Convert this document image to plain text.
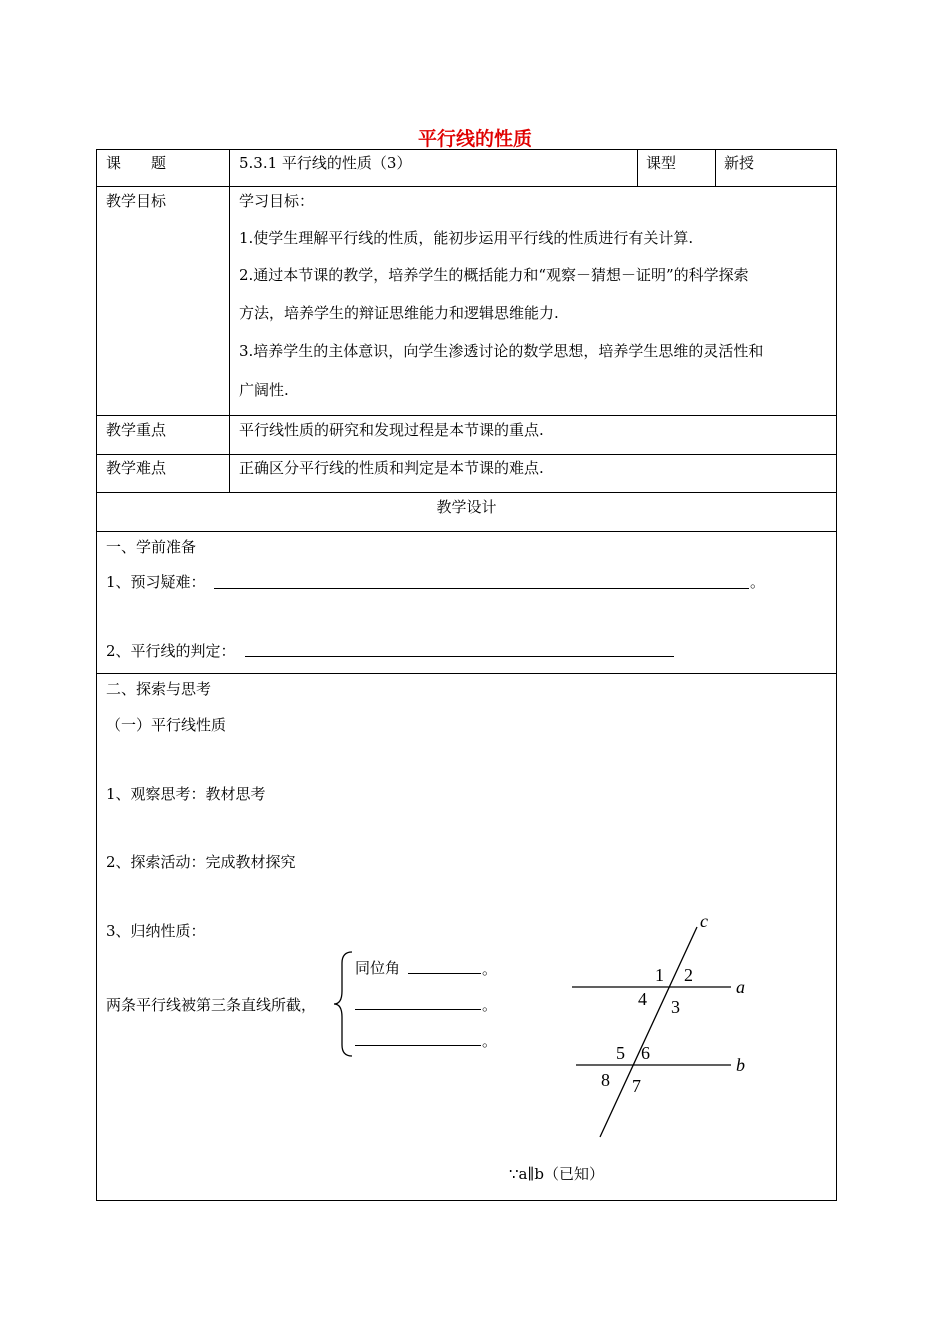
平行线的性质
课　　题	5.3.1 平行线的性质（3）	课型	新授
教学目标	学习目标：
1.使学生理解平行线的性质，能初步运用平行线的性质进行有关计算.
2.通过本节课的教学，培养学生的概括能力和“观察－猜想－证明”的科学探索
方法，培养学生的辩证思维能力和逻辑思维能力.
3.培养学生的主体意识，向学生渗透讨论的数学思想，培养学生思维的灵活性和
广阔性.
教学重点	平行线性质的研究和发现过程是本节课的重点.
教学难点	正确区分平行线的性质和判定是本节课的难点.
教学设计
一、学前准备
1、预习疑难：	。
2、平行线的判定：
二、探索与思考
（一）平行线性质
1、观察思考：教材思考
2、探索活动：完成教材探究
3、归纳性质：
两条平行线被第三条直线所截，
同位角	。
。
。
c
a
b
1 2
3
4
5 6
7
8
∵a∥b（已知）
